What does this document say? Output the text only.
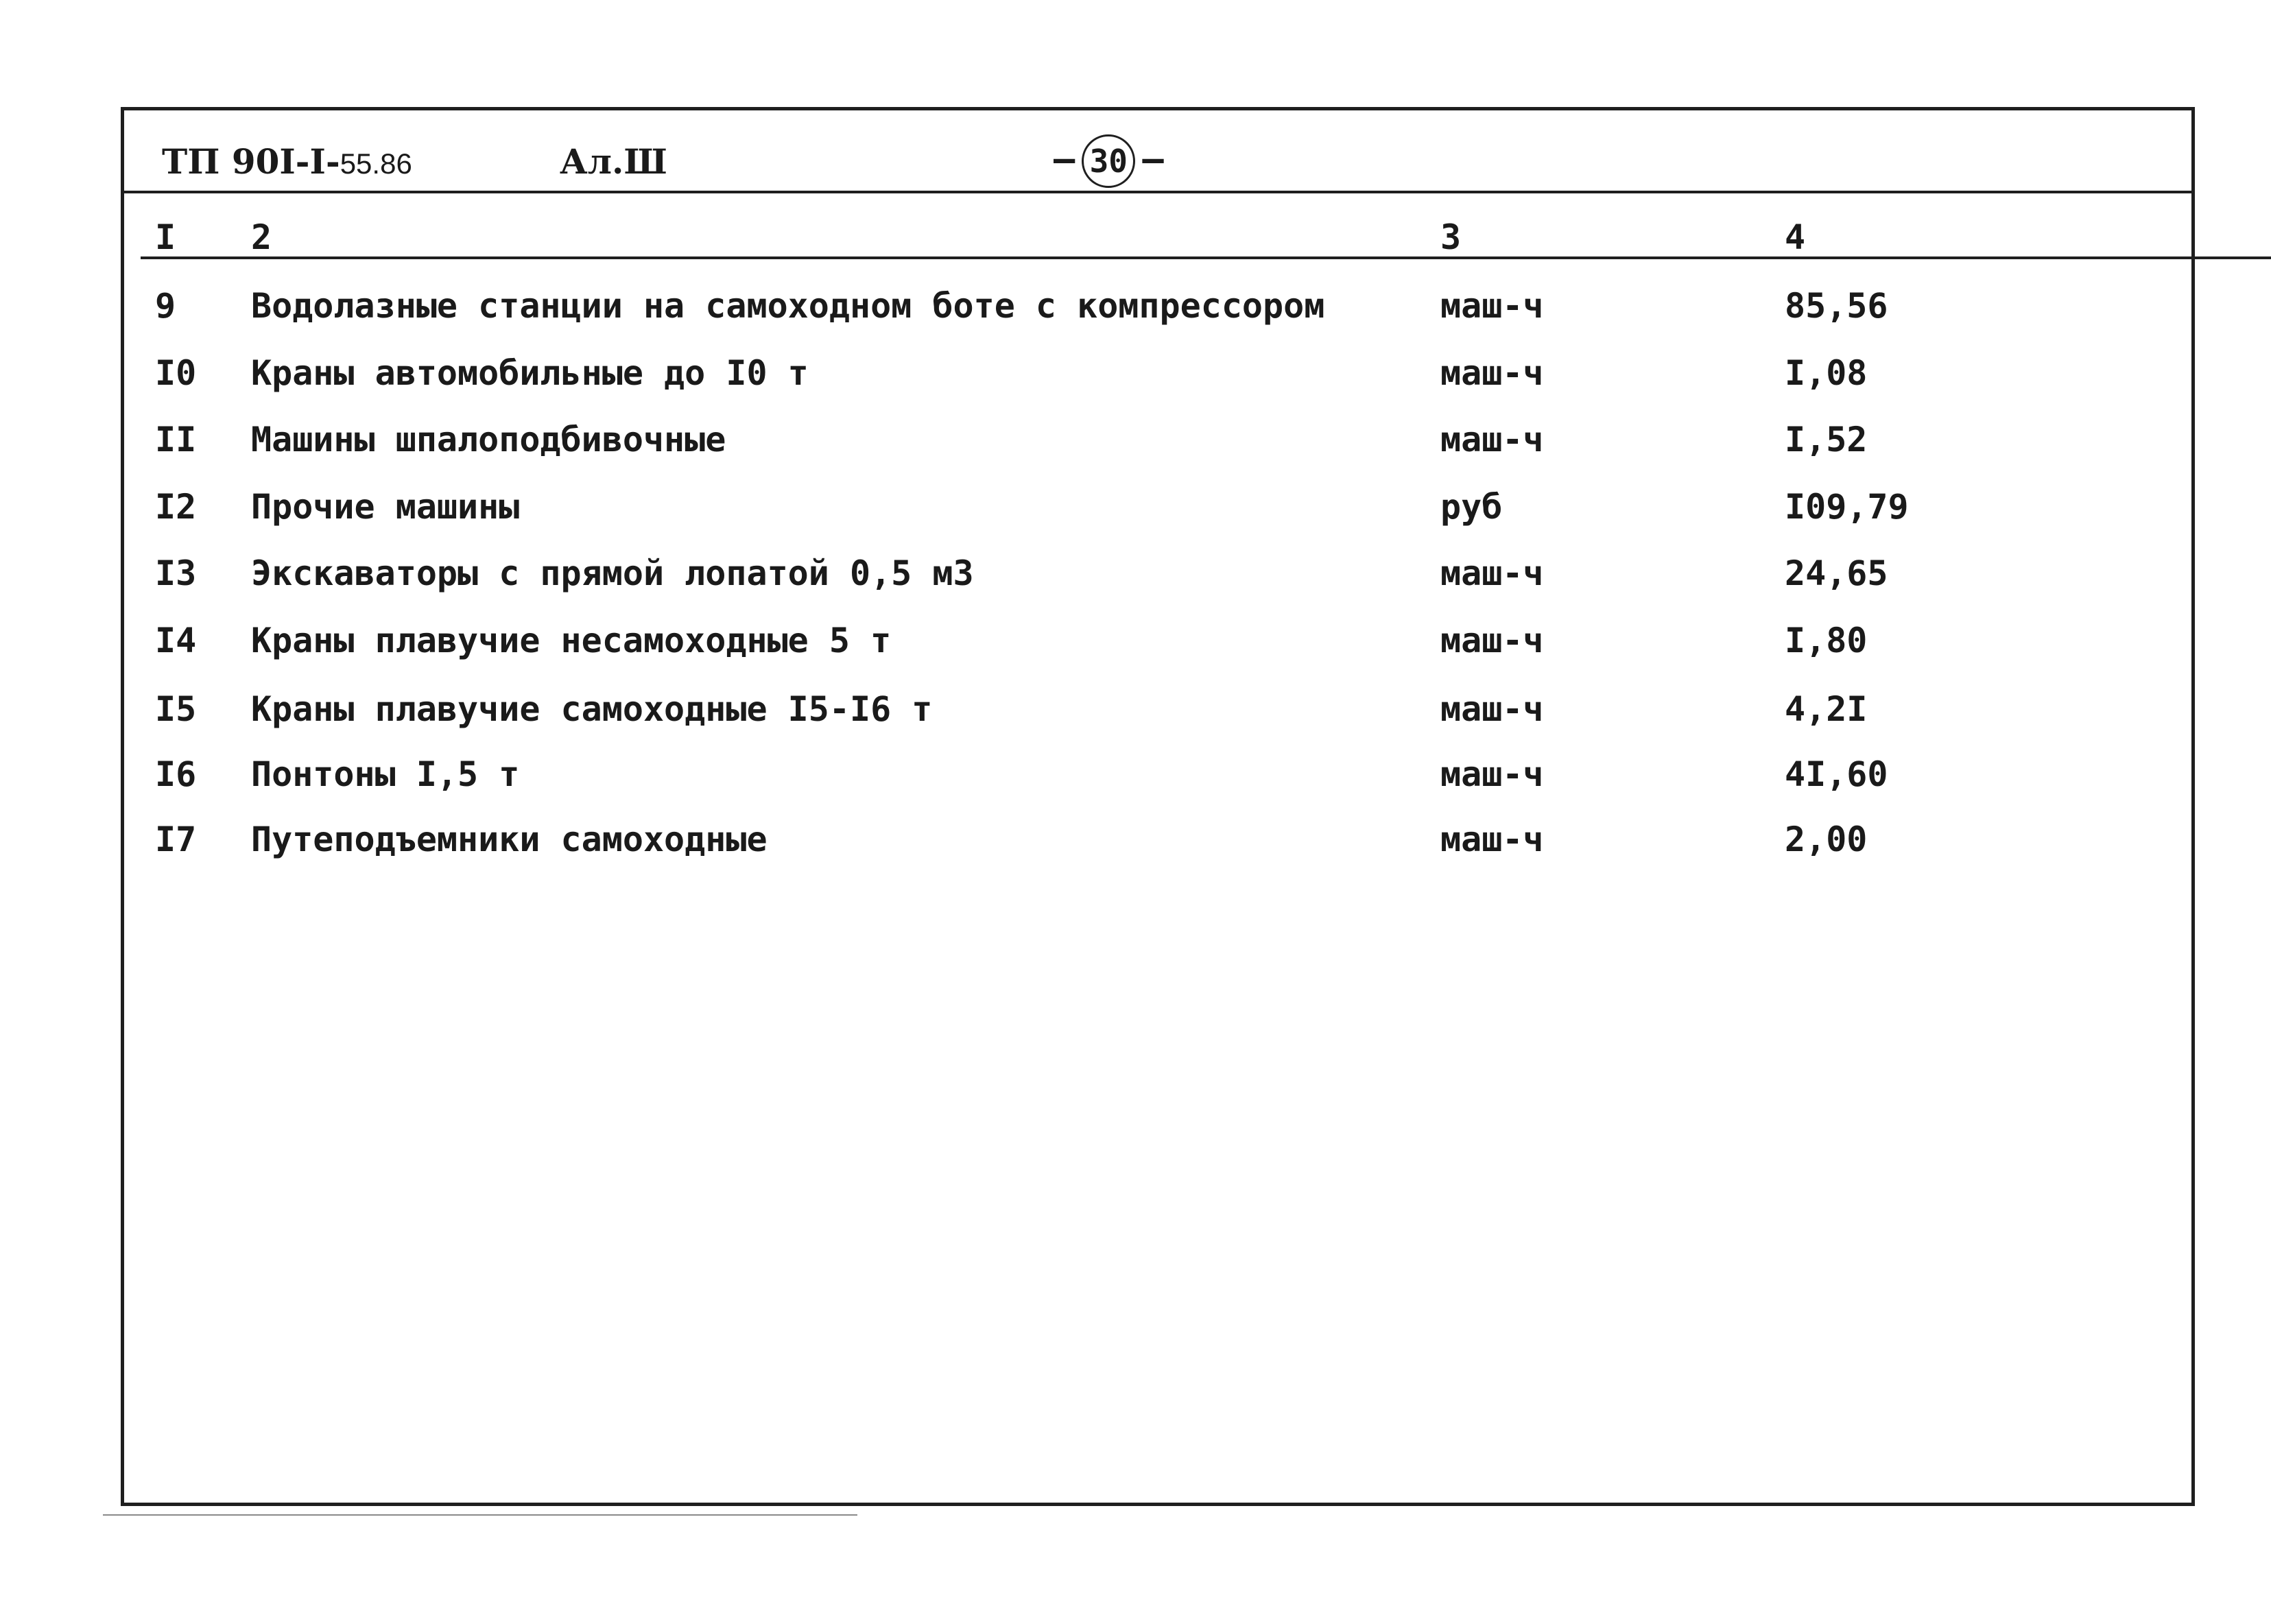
ТП 90I-I-55.86	Ал.Ш	– 30 –
I 2	3	4
9 Водолазные станции на самоходном боте с компрессором	маш-ч	85,56
I0 Краны автомобильные до I0 т	маш-ч	I,08
II Машины шпалоподбивочные	маш-ч	I,52
I2 Прочие машины	руб	I09,79
I3 Экскаваторы с прямой лопатой 0,5 м3	маш-ч	24,65
I4 Краны плавучие несамоходные 5 т	маш-ч	I,80
I5 Краны плавучие самоходные I5-I6 т	маш-ч	4,2I
I6 Понтоны I,5 т	маш-ч	4I,60
I7 Путеподъемники самоходные	маш-ч	2,00
